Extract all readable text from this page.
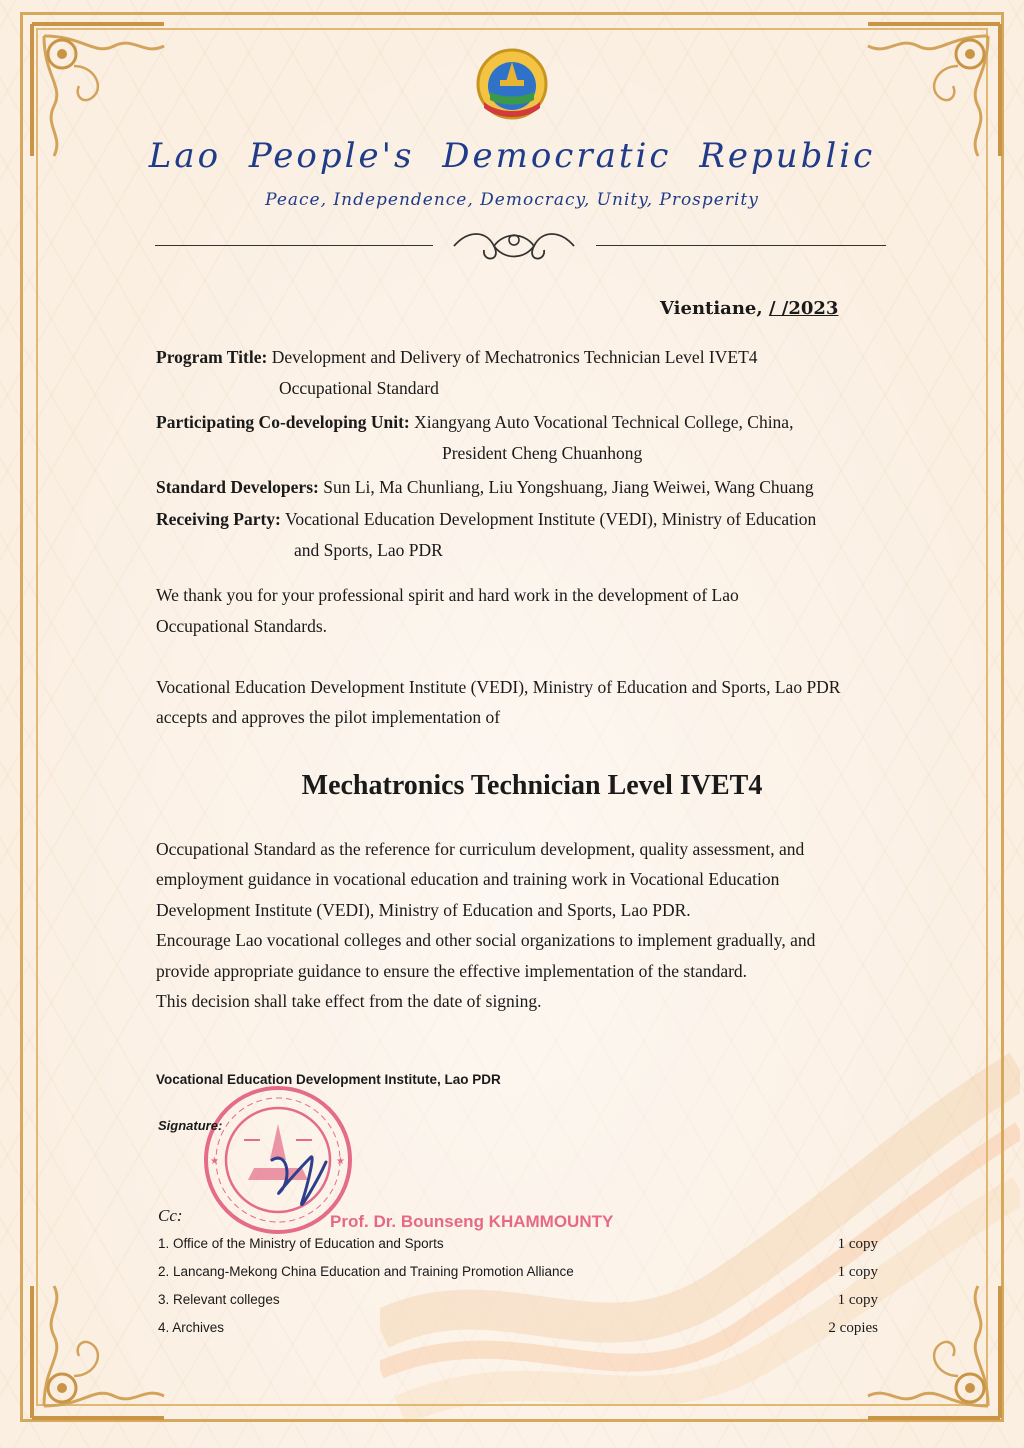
Lao People's Democratic Republic
Peace, Independence, Democracy, Unity, Prosperity
Vientiane, / /2023
Program Title: Development and Delivery of Mechatronics Technician Level IVET4
Occupational Standard
Participating Co-developing Unit: Xiangyang Auto Vocational Technical College, China,
President Cheng Chuanhong
Standard Developers: Sun Li, Ma Chunliang, Liu Yongshuang, Jiang Weiwei, Wang Chuang
Receiving Party: Vocational Education Development Institute (VEDI), Ministry of Education
and Sports, Lao PDR
We thank you for your professional spirit and hard work in the development of Lao
Occupational Standards.
Vocational Education Development Institute (VEDI), Ministry of Education and Sports, Lao PDR
accepts and approves the pilot implementation of
Mechatronics Technician Level IVET4
Occupational Standard as the reference for curriculum development, quality assessment, and
employment guidance in vocational education and training work in Vocational Education
Development Institute (VEDI), Ministry of Education and Sports, Lao PDR.
Encourage Lao vocational colleges and other social organizations to implement gradually, and
provide appropriate guidance to ensure the effective implementation of the standard.
This decision shall take effect from the date of signing.
Vocational Education Development Institute, Lao PDR
★	★
Signature:
Cc:	Prof. Dr. Bounseng KHAMMOUNTY
1. Office of the Ministry of Education and Sports	1 copy
2. Lancang-Mekong China Education and Training Promotion Alliance	1 copy
3. Relevant colleges	1 copy
4. Archives	2 copies
